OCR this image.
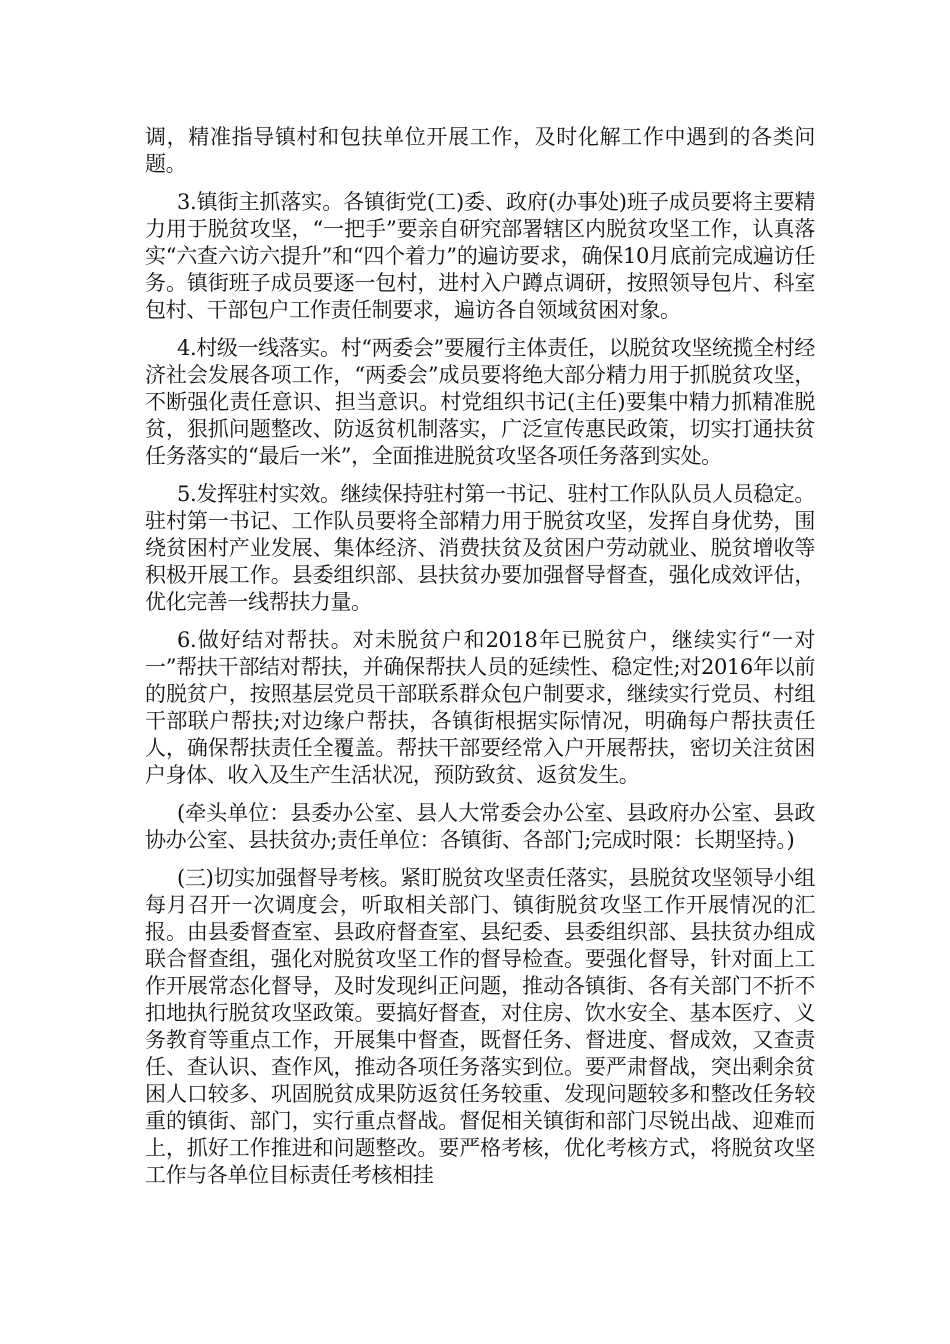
调，精准指导镇村和包扶单位开展工作，及时化解工作中遇到的各类问题。

3.镇街主抓落实。各镇街党(工)委、政府(办事处)班子成员要将主要精力用于脱贫攻坚，“一把手”要亲自研究部署辖区内脱贫攻坚工作，认真落实“六查六访六提升”和“四个着力”的遍访要求，确保10月底前完成遍访任务。镇街班子成员要逐一包村，进村入户蹲点调研，按照领导包片、科室包村、干部包户工作责任制要求，遍访各自领域贫困对象。

4.村级一线落实。村“两委会”要履行主体责任，以脱贫攻坚统揽全村经济社会发展各项工作，“两委会”成员要将绝大部分精力用于抓脱贫攻坚，不断强化责任意识、担当意识。村党组织书记(主任)要集中精力抓精准脱贫，狠抓问题整改、防返贫机制落实，广泛宣传惠民政策，切实打通扶贫任务落实的“最后一米”，全面推进脱贫攻坚各项任务落到实处。

5.发挥驻村实效。继续保持驻村第一书记、驻村工作队队员人员稳定。驻村第一书记、工作队员要将全部精力用于脱贫攻坚，发挥自身优势，围绕贫困村产业发展、集体经济、消费扶贫及贫困户劳动就业、脱贫增收等积极开展工作。县委组织部、县扶贫办要加强督导督查，强化成效评估，优化完善一线帮扶力量。

6.做好结对帮扶。对未脱贫户和2018年已脱贫户，继续实行“一对一”帮扶干部结对帮扶，并确保帮扶人员的延续性、稳定性;对2016年以前的脱贫户，按照基层党员干部联系群众包户制要求，继续实行党员、村组干部联户帮扶;对边缘户帮扶，各镇街根据实际情况，明确每户帮扶责任人，确保帮扶责任全覆盖。帮扶干部要经常入户开展帮扶，密切关注贫困户身体、收入及生产生活状况，预防致贫、返贫发生。

(牵头单位：县委办公室、县人大常委会办公室、县政府办公室、县政协办公室、县扶贫办;责任单位：各镇街、各部门;完成时限：长期坚持。)

(三)切实加强督导考核。紧盯脱贫攻坚责任落实，县脱贫攻坚领导小组每月召开一次调度会，听取相关部门、镇街脱贫攻坚工作开展情况的汇报。由县委督查室、县政府督查室、县纪委、县委组织部、县扶贫办组成联合督查组，强化对脱贫攻坚工作的督导检查。要强化督导，针对面上工作开展常态化督导，及时发现纠正问题，推动各镇街、各有关部门不折不扣地执行脱贫攻坚政策。要搞好督查，对住房、饮水安全、基本医疗、义务教育等重点工作，开展集中督查，既督任务、督进度、督成效，又查责任、查认识、查作风，推动各项任务落实到位。要严肃督战，突出剩余贫困人口较多、巩固脱贫成果防返贫任务较重、发现问题较多和整改任务较重的镇街、部门，实行重点督战。督促相关镇街和部门尽锐出战、迎难而上，抓好工作推进和问题整改。要严格考核，优化考核方式，将脱贫攻坚工作与各单位目标责任考核相挂
